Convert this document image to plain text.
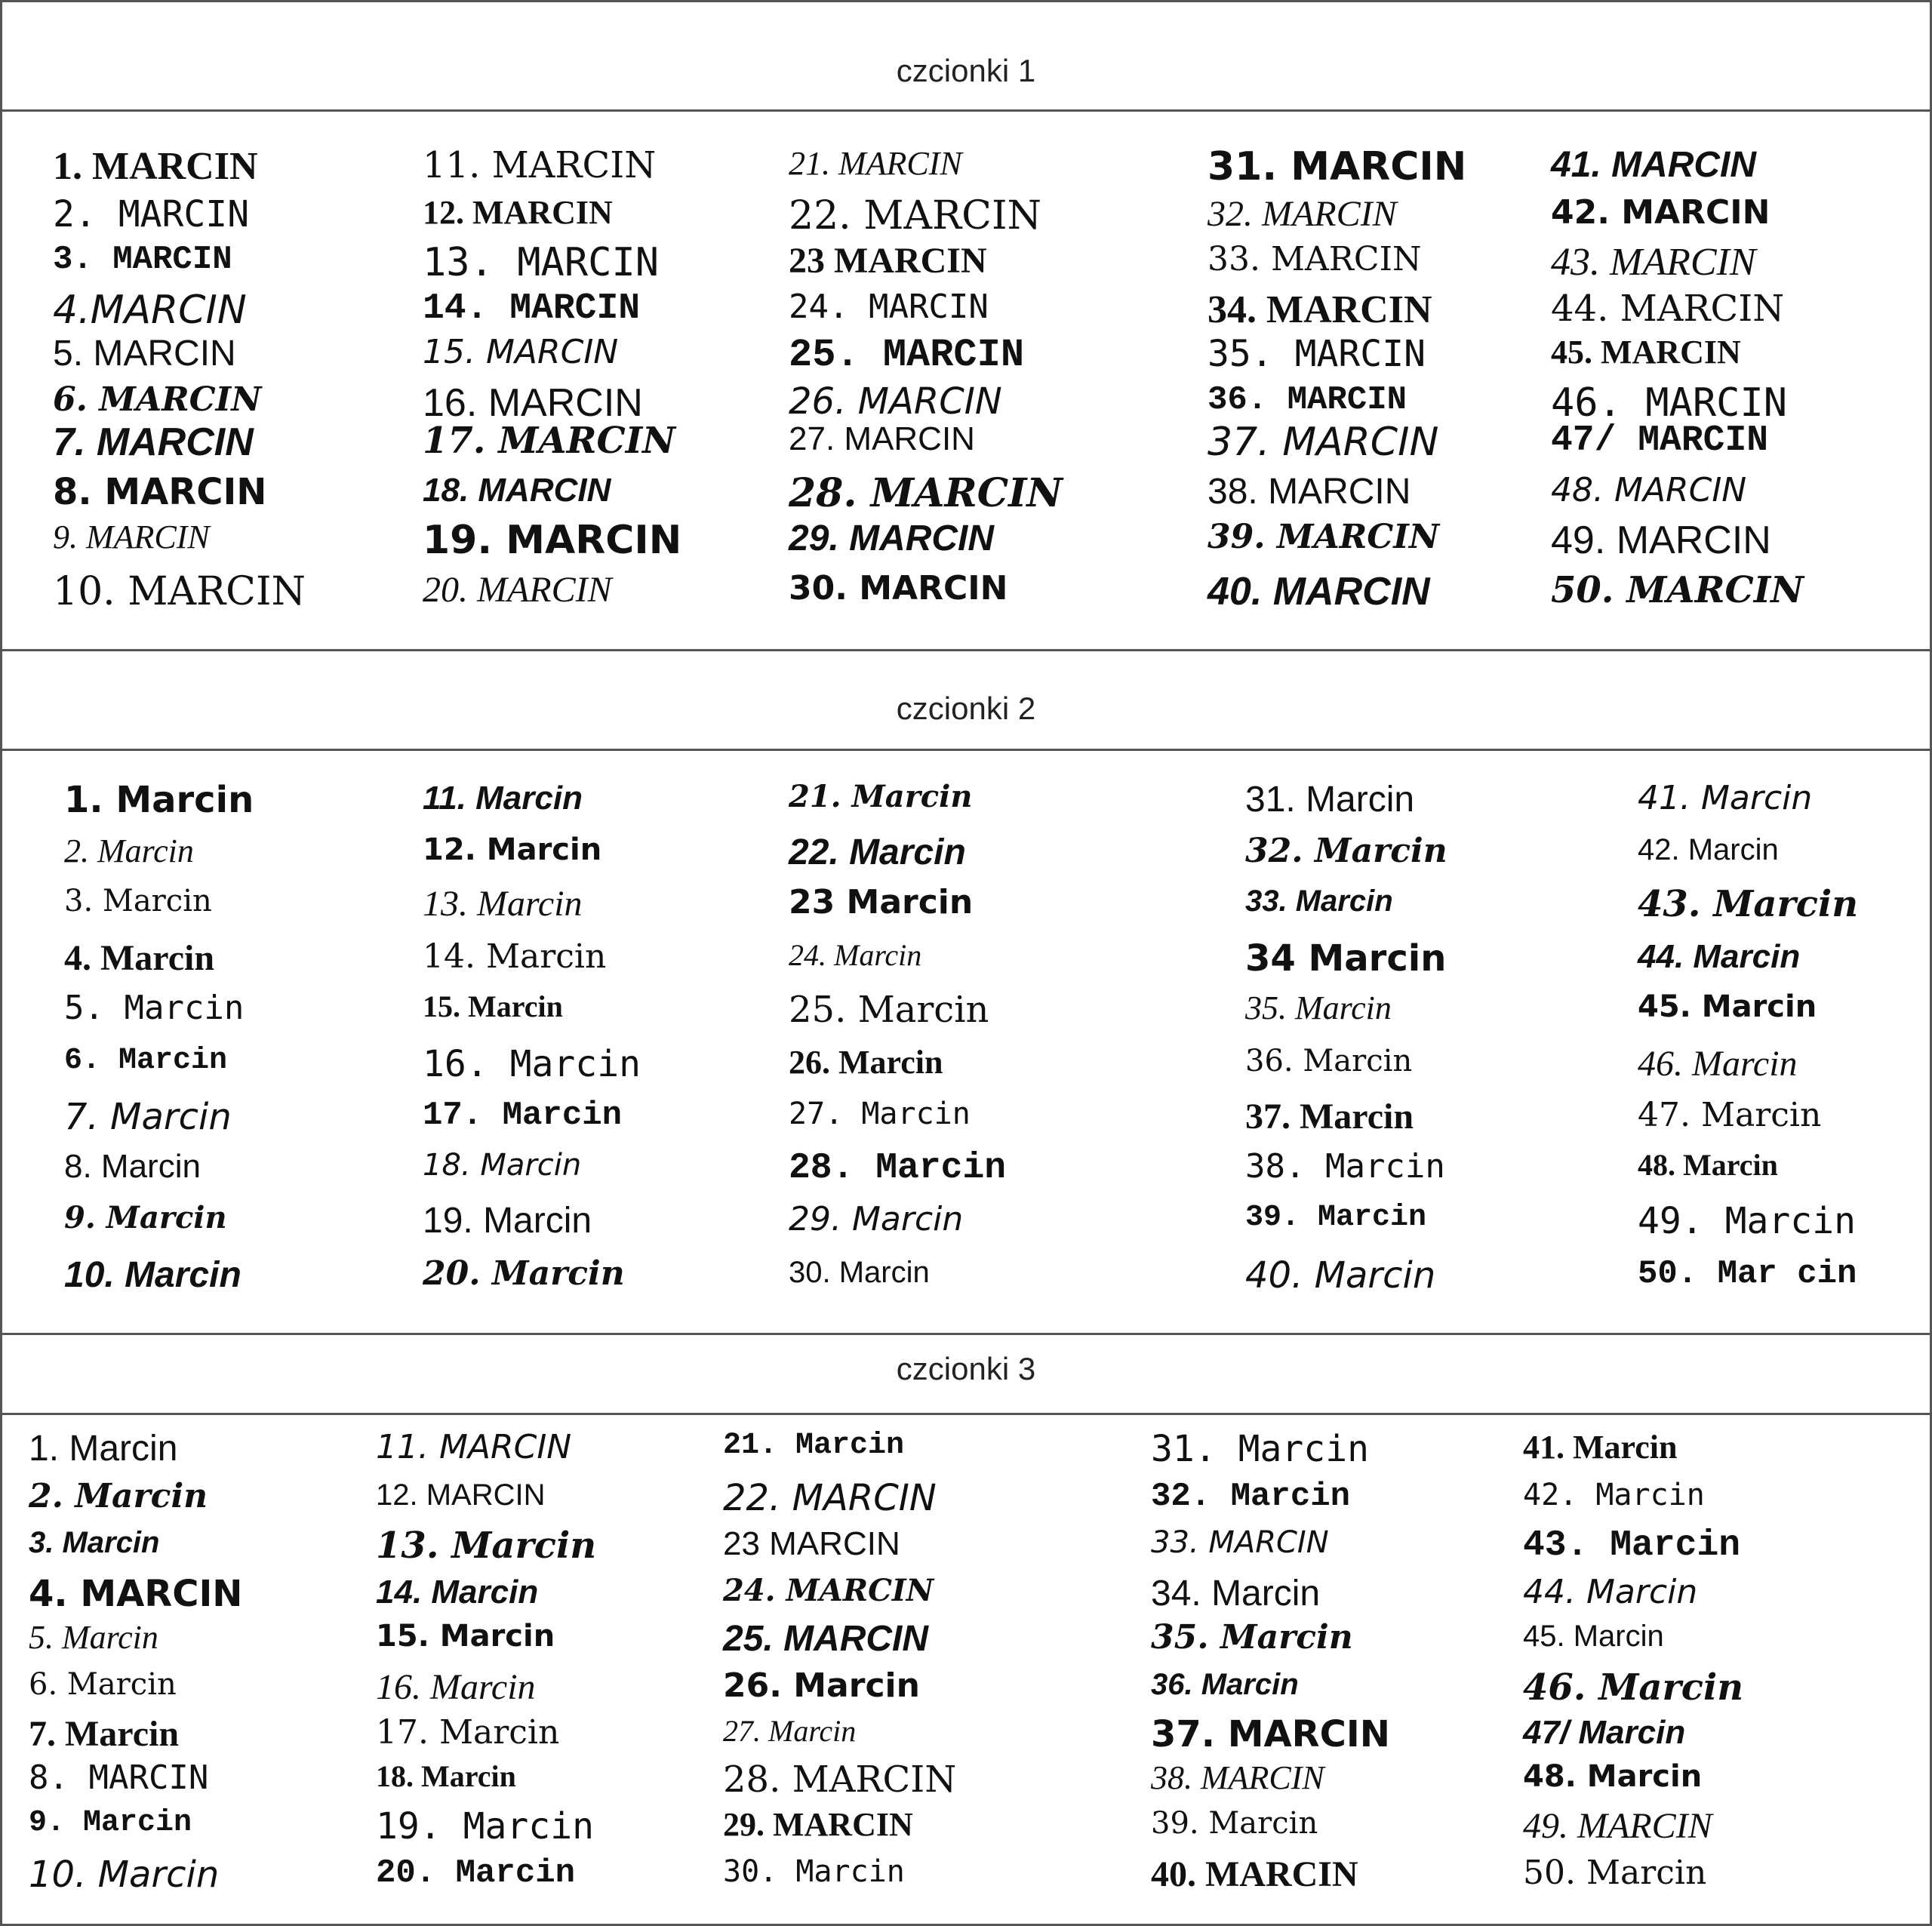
czcionki 1
1. MARCIN
2. MARCIN
3. MARCIN
4.MARCIN
5. MARCIN
6. MARCIN
7. MARCIN
8. MARCIN
9. MARCIN
10. MARCIN
11. MARCIN
12. MARCIN
13. MARCIN
14. MARCIN
15. MARCIN
16. MARCIN
17. MARCIN
18. MARCIN
19. MARCIN
20. MARCIN
21. MARCIN
22. MARCIN
23 MARCIN
24. MARCIN
25. MARCIN
26. MARCIN
27. MARCIN
28. MARCIN
29. MARCIN
30. MARCIN
31. MARCIN
32. MARCIN
33. MARCIN
34. MARCIN
35. MARCIN
36. MARCIN
37. MARCIN
38. MARCIN
39. MARCIN
40. MARCIN
41. MARCIN
42. MARCIN
43. MARCIN
44. MARCIN
45. MARCIN
46. MARCIN
47/ MARCIN
48. MARCIN
49. MARCIN
50. MARCIN
czcionki 2
1. Marcin
2. Marcin
3. Marcin
4. Marcin
5. Marcin
6. Marcin
7. Marcin
8. Marcin
9. Marcin
10. Marcin
11. Marcin
12. Marcin
13. Marcin
14. Marcin
15. Marcin
16. Marcin
17. Marcin
18. Marcin
19. Marcin
20. Marcin
21. Marcin
22. Marcin
23 Marcin
24. Marcin
25. Marcin
26. Marcin
27. Marcin
28. Marcin
29. Marcin
30. Marcin
31. Marcin
32. Marcin
33. Marcin
34 Marcin
35. Marcin
36. Marcin
37. Marcin
38. Marcin
39. Marcin
40. Marcin
41. Marcin
42. Marcin
43. Marcin
44. Marcin
45. Marcin
46. Marcin
47. Marcin
48. Marcin
49. Marcin
50. Mar cin
czcionki 3
1. Marcin
2. Marcin
3. Marcin
4. MARCIN
5. Marcin
6. Marcin
7. Marcin
8. MARCIN
9. Marcin
10. Marcin
11. MARCIN
12. MARCIN
13. Marcin
14. Marcin
15. Marcin
16. Marcin
17. Marcin
18. Marcin
19. Marcin
20. Marcin
21. Marcin
22. MARCIN
23 MARCIN
24. MARCIN
25. MARCIN
26. Marcin
27. Marcin
28. MARCIN
29. MARCIN
30. Marcin
31. Marcin
32. Marcin
33. MARCIN
34. Marcin
35. Marcin
36. Marcin
37. MARCIN
38. MARCIN
39. Marcin
40. MARCIN
41. Marcin
42. Marcin
43. Marcin
44. Marcin
45. Marcin
46. Marcin
47/ Marcin
48. Marcin
49. MARCIN
50. Marcin
